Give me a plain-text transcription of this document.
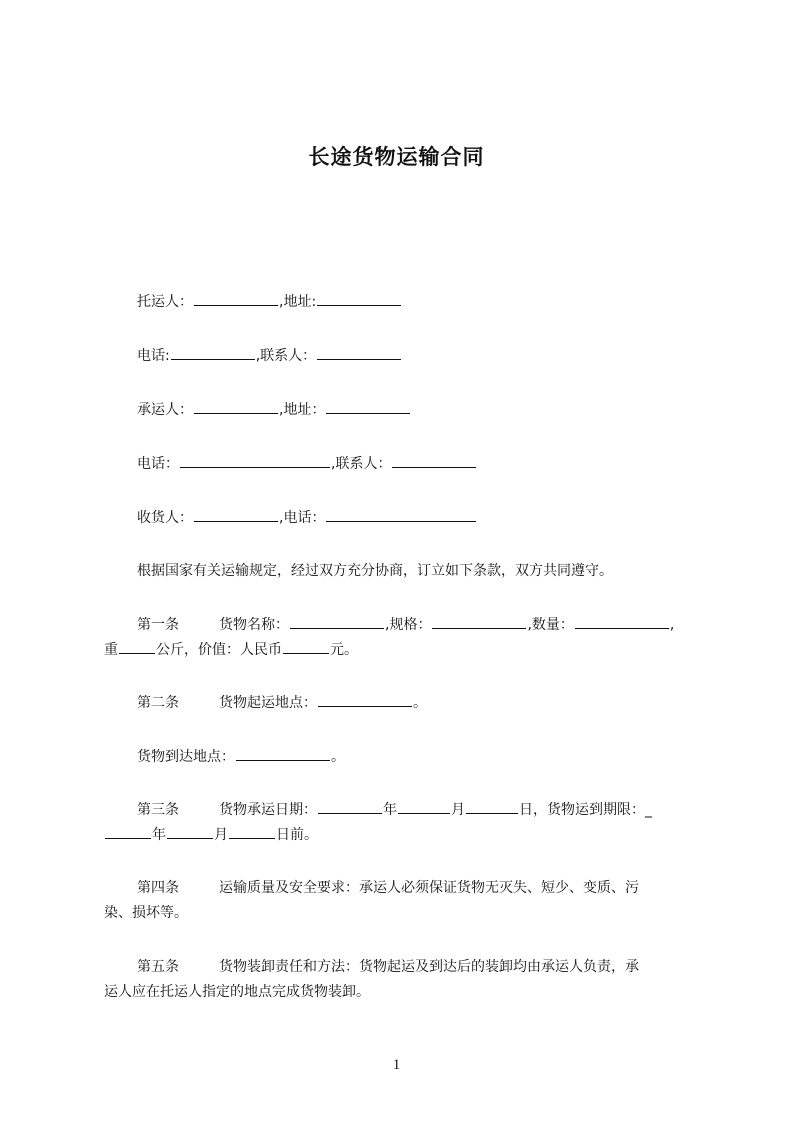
长途货物运输合同
托运人：	,地址:
电话:	,联系人：
承运人：	,地址：
电话：	,联系人：
收货人：	,电话：
根据国家有关运输规定，经过双方充分协商，订立如下条款，双方共同遵守。
第一条	货物名称：	,规格：	,数量：	,
重	公斤，价值：人民币	元。
第二条	货物起运地点：	。
货物到达地点：	。
第三条	货物承运日期：	年	月	日，货物运到期限：_
年	月	日前。
第四条	运输质量及安全要求：承运人必须保证货物无灭失、短少、变质、污
染、损坏等。
第五条	货物装卸责任和方法：货物起运及到达后的装卸均由承运人负责，承
运人应在托运人指定的地点完成货物装卸。
1
